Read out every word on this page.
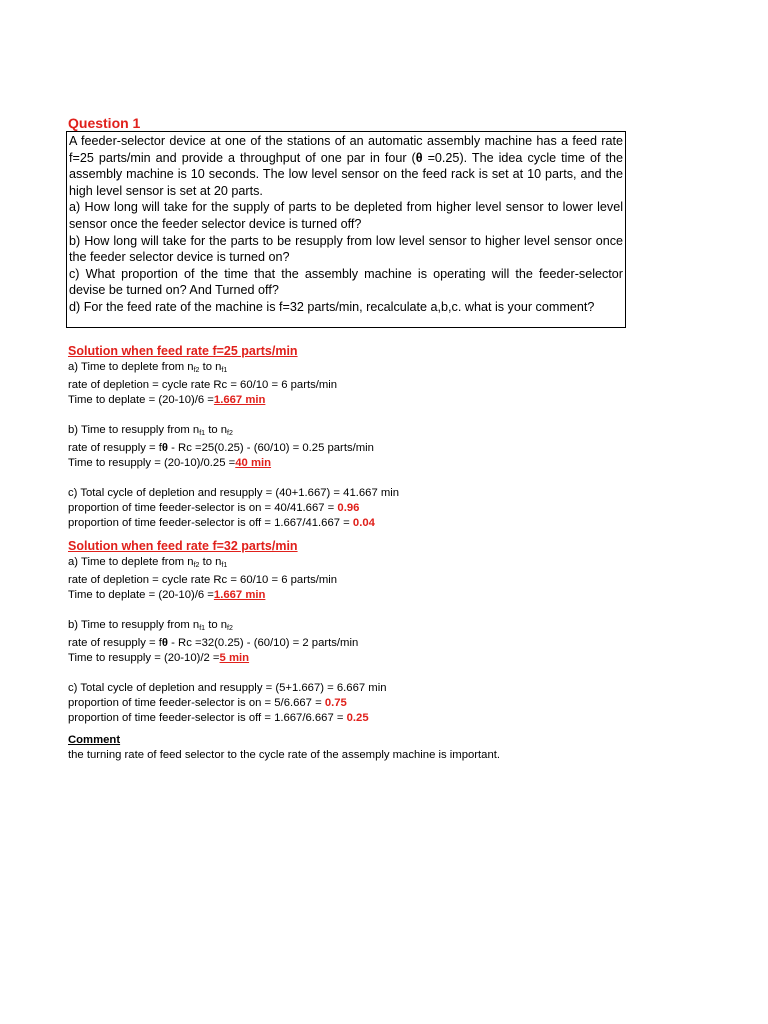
Question 1

A feeder-selector device at one of the stations of an automatic assembly machine has a feed rate f=25 parts/min and provide a throughput of one par in four (θ =0.25). The idea cycle time of the assembly machine is 10 seconds. The low level sensor on the feed rack is set at 10 parts, and the high level sensor is set at 20 parts.

a) How long will take for the supply of parts to be depleted from higher level sensor to lower level sensor once the feeder selector device is turned off?

b) How long will take for the parts to be resupply from low level sensor to higher level sensor once the feeder selector device is turned on?

c) What proportion of the time that the assembly machine is operating will the feeder-selector devise be turned on? And Turned off?

d) For the feed rate of the machine is f=32 parts/min, recalculate a,b,c. what is your comment?

Solution when feed rate f=25 parts/min
a) Time to deplete from $n_{f2}$ to $n_{f1}$
rate of depletion = cycle rate Rc = 60/10 = 6 parts/min
Time to deplate = (20-10)/6 =1.667 min
b) Time to resupply from $n_{f1}$ to $n_{f2}$
rate of resupply = fθ - Rc =25(0.25) - (60/10) = 0.25 parts/min
Time to resupply = (20-10)/0.25 =40 min
c) Total cycle of depletion and resupply = (40+1.667) = 41.667 min
proportion of time feeder-selector is on = 40/41.667 = 0.96
proportion of time feeder-selector is off = 1.667/41.667 = 0.04
Solution when feed rate f=32 parts/min
a) Time to deplete from $n_{f2}$ to $n_{f1}$
rate of depletion = cycle rate Rc = 60/10 = 6 parts/min
Time to deplate = (20-10)/6 =1.667 min
b) Time to resupply from $n_{f1}$ to $n_{f2}$
rate of resupply = fθ - Rc =32(0.25) - (60/10) = 2 parts/min
Time to resupply = (20-10)/2 =5 min
c) Total cycle of depletion and resupply = (5+1.667) = 6.667 min
proportion of time feeder-selector is on = 5/6.667 = 0.75
proportion of time feeder-selector is off = 1.667/6.667 = 0.25
Comment
the turning rate of feed selector to the cycle rate of the assemply machine is important.
